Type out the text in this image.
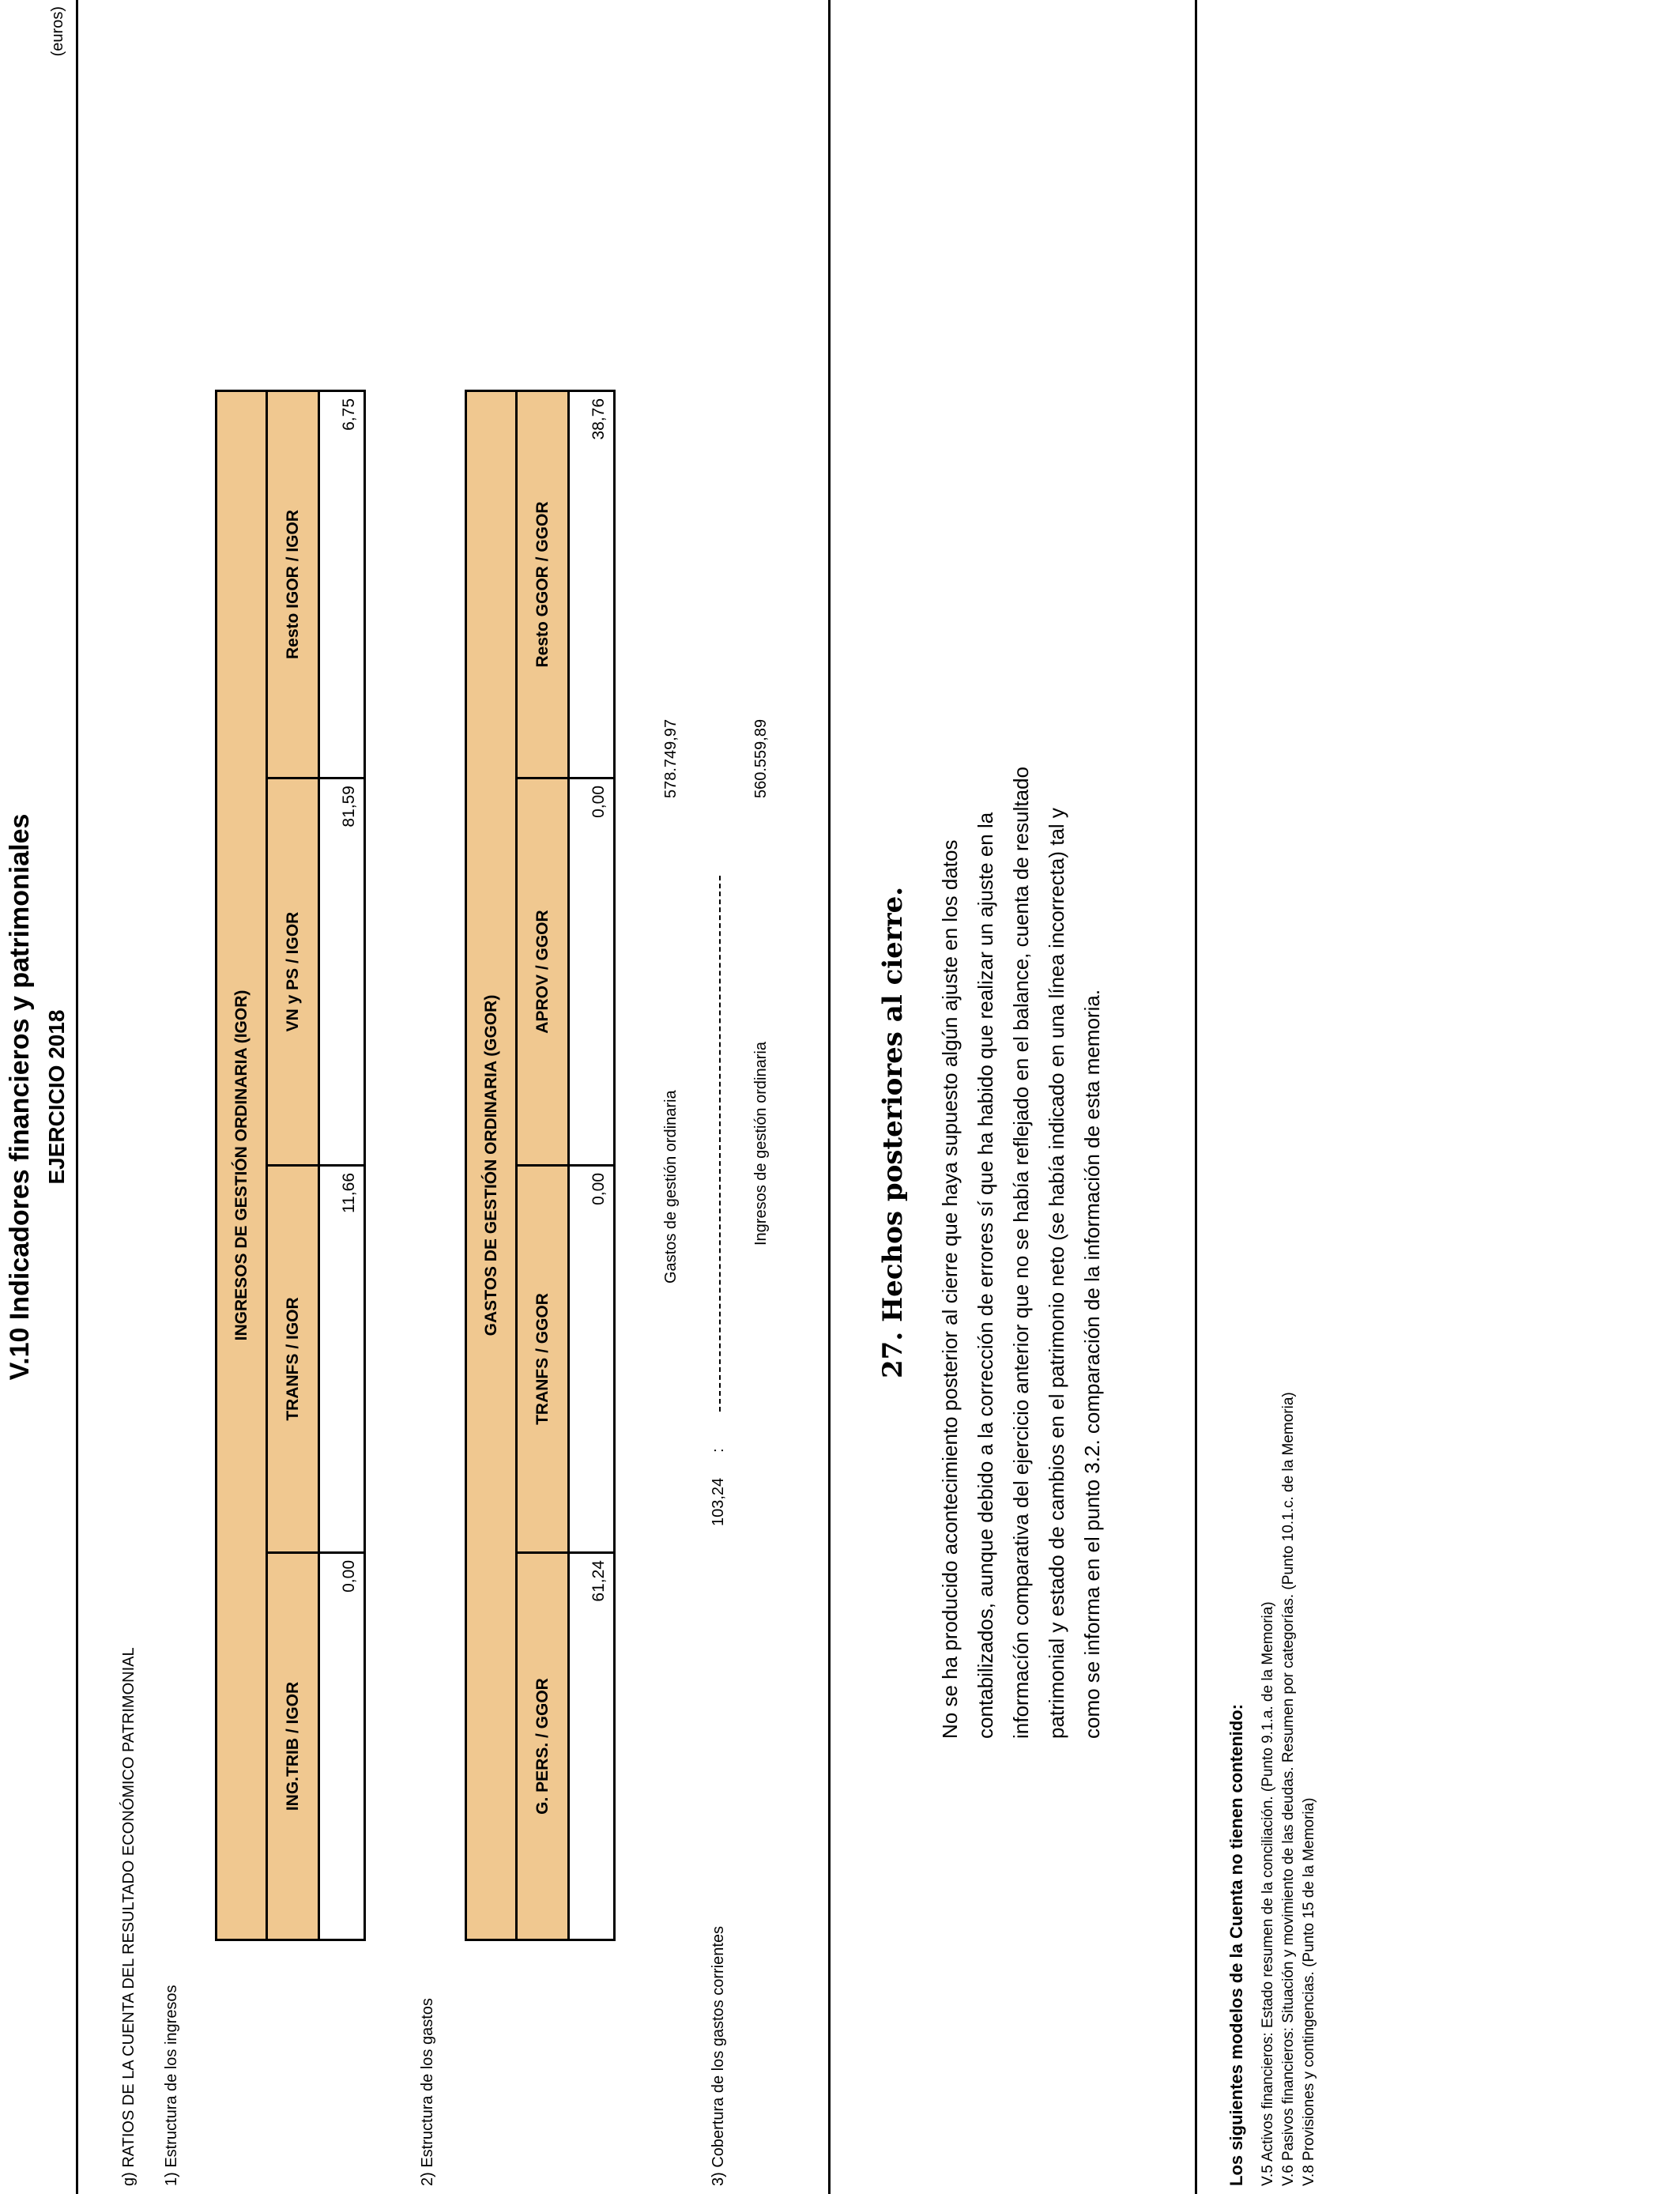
V.10 Indicadores financieros y patrimoniales EJERCICIO 2018
(euros)
g) RATIOS DE LA CUENTA DEL RESULTADO ECONÓMICO PATRIMONIAL 1) Estructura de los ingresos
INGRESOS DE GESTIÓN ORDINARIA (IGOR)			
ING.TRIB / IGOR	TRANFS / IGOR	VN y PS / IGOR	Resto IGOR / IGOR
0,00	11,66	81,59	6,75
2) Estructura de los gastos
GASTOS DE GESTIÓN ORDINARIA (GGOR)			
G. PERS. / GGOR	TRANFS / GGOR	APROV / GGOR	Resto GGOR / GGOR
61,24	0,00	0,00	38,76
3) Cobertura de los gastos corrientes
103,24
:
Gastos de gestión ordinaria
578.749,97
Ingresos de gestión ordinaria
560.559,89
27. Hechos posteriores al cierre. No se ha producido acontecimiento posterior al cierre que haya supuesto algún ajuste en los datos contabilizados, aunque debido a la corrección de errores sí que ha habido que realizar un ajuste en la informacíón comparativa del ejercicio anterior que no se había reflejado en el balance, cuenta de resultado patrimonial y estado de cambios en el patrimonio neto (se había indicado en una línea incorrecta) tal y como se informa en el punto 3.2. comparación de la información de esta memoria.
Los siguientes modelos de la Cuenta no tienen contenido: V.5 Activos financieros: Estado resumen de la conciliación. (Punto 9.1.a. de la Memoria) V.6 Pasivos financieros: Situación y movimiento de las deudas. Resumen por categorías. (Punto 10.1.c. de la Memoria) V.8 Provisiones y contingencias. (Punto 15 de la Memoria)
